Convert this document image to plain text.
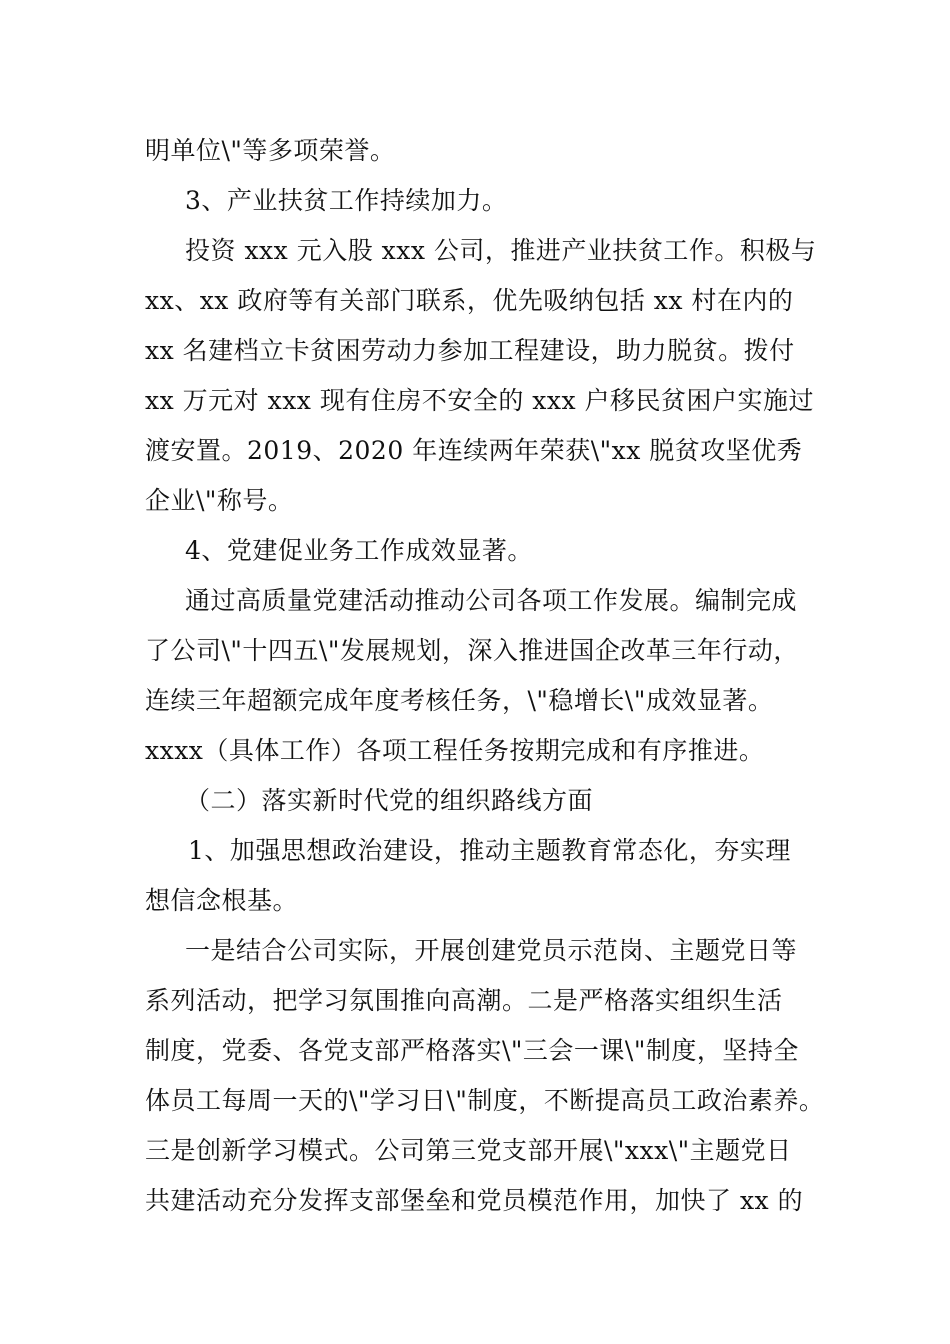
明单位\"等多项荣誉。

3、产业扶贫工作持续加力。

投资 xxx 元入股 xxx 公司，推进产业扶贫工作。积极与

xx、xx 政府等有关部门联系，优先吸纳包括 xx 村在内的

xx 名建档立卡贫困劳动力参加工程建设，助力脱贫。拨付

xx 万元对 xxx 现有住房不安全的 xxx 户移民贫困户实施过

渡安置。2019、2020 年连续两年荣获\"xx 脱贫攻坚优秀

企业\"称号。

4、党建促业务工作成效显著。

通过高质量党建活动推动公司各项工作发展。编制完成

了公司\"十四五\"发展规划，深入推进国企改革三年行动，

连续三年超额完成年度考核任务，\"稳增长\"成效显著。

xxxx（具体工作）各项工程任务按期完成和有序推进。

（二）落实新时代党的组织路线方面

1、加强思想政治建设，推动主题教育常态化，夯实理

想信念根基。

一是结合公司实际，开展创建党员示范岗、主题党日等

系列活动，把学习氛围推向高潮。二是严格落实组织生活

制度，党委、各党支部严格落实\"三会一课\"制度，坚持全

体员工每周一天的\"学习日\"制度，不断提高员工政治素养。

三是创新学习模式。公司第三党支部开展\"xxx\"主题党日

共建活动充分发挥支部堡垒和党员模范作用，加快了 xx 的
